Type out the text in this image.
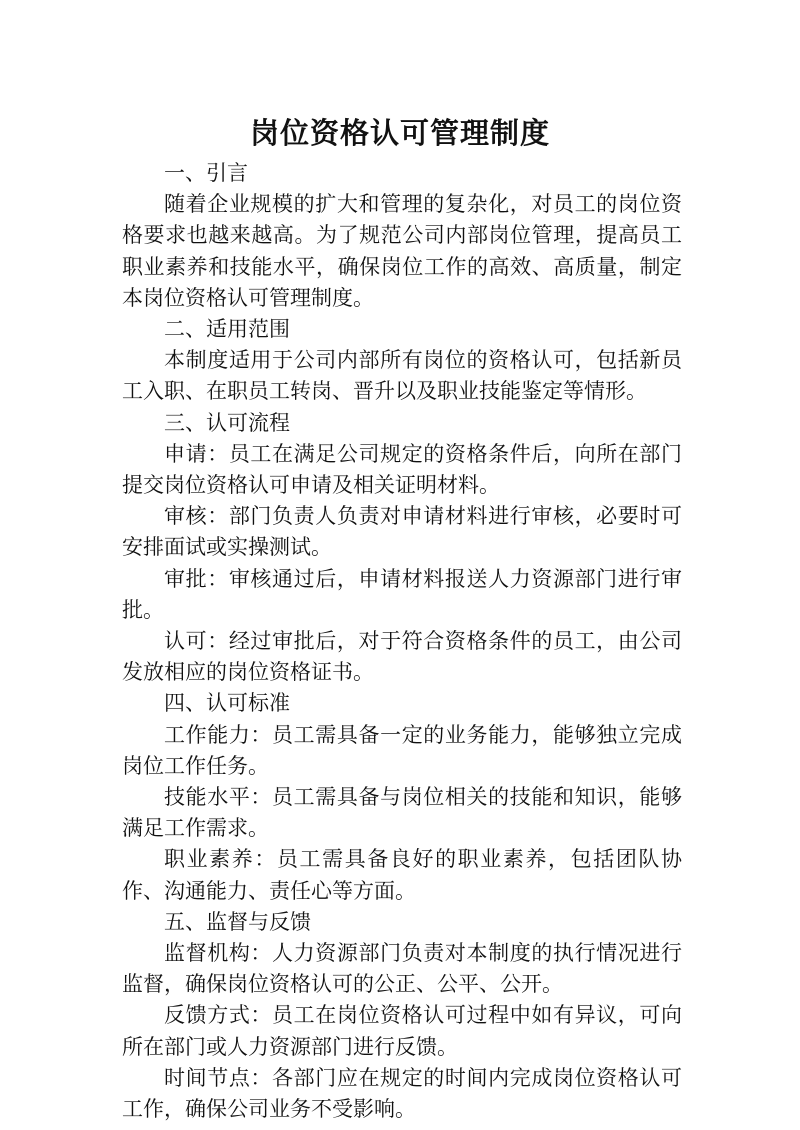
岗位资格认可管理制度

一、引言

随着企业规模的扩大和管理的复杂化，对员工的岗位资格要求也越来越高。为了规范公司内部岗位管理，提高员工职业素养和技能水平，确保岗位工作的高效、高质量，制定本岗位资格认可管理制度。

二、适用范围

本制度适用于公司内部所有岗位的资格认可，包括新员工入职、在职员工转岗、晋升以及职业技能鉴定等情形。

三、认可流程

申请：员工在满足公司规定的资格条件后，向所在部门提交岗位资格认可申请及相关证明材料。

审核：部门负责人负责对申请材料进行审核，必要时可安排面试或实操测试。

审批：审核通过后，申请材料报送人力资源部门进行审批。

认可：经过审批后，对于符合资格条件的员工，由公司发放相应的岗位资格证书。

四、认可标准

工作能力：员工需具备一定的业务能力，能够独立完成岗位工作任务。

技能水平：员工需具备与岗位相关的技能和知识，能够满足工作需求。

职业素养：员工需具备良好的职业素养，包括团队协作、沟通能力、责任心等方面。

五、监督与反馈

监督机构：人力资源部门负责对本制度的执行情况进行监督，确保岗位资格认可的公正、公平、公开。

反馈方式：员工在岗位资格认可过程中如有异议，可向所在部门或人力资源部门进行反馈。

时间节点：各部门应在规定的时间内完成岗位资格认可工作，确保公司业务不受影响。
